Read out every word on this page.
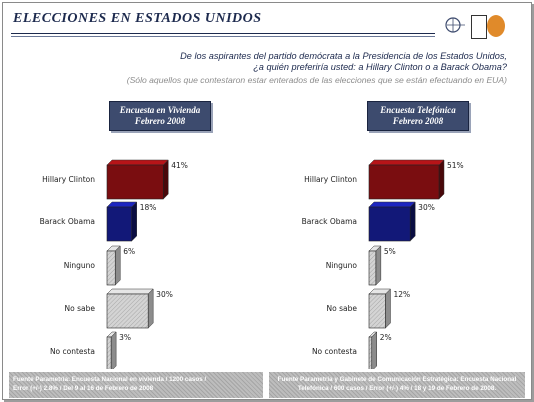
ELECCIONES EN ESTADOS UNIDOS
De los aspirantes del partido demócrata a la Presidencia de los Estados Unidos,
¿a quién preferiría usted: a Hillary Clinton o a Barack Obama?
(Sólo aquellos que contestaron estar enterados de las elecciones que se están efectuando en EUA)
Encuesta en Vivienda
Febrero 2008
Encuesta Telefónica
Febrero 2008
41%
Hillary Clinton
18%
Barack Obama
6%
Ninguno
30%
No sabe
3%
No contesta
51%
Hillary Clinton
30%
Barack Obama
5%
Ninguno
12%
No sabe
2%
No contesta
Fuente Parametría: Encuesta Nacional en vivienda / 1200 casos /
Error (+/-) 2.8% / Del 9 al 16 de Febrero de 2008
Fuente Parametría y Gabinete de Comunicación Estratégica: Encuesta Nacional
Telefónica / 600 casos / Error (+/-) 4% / 18 y 19 de Febrero de 2008.
